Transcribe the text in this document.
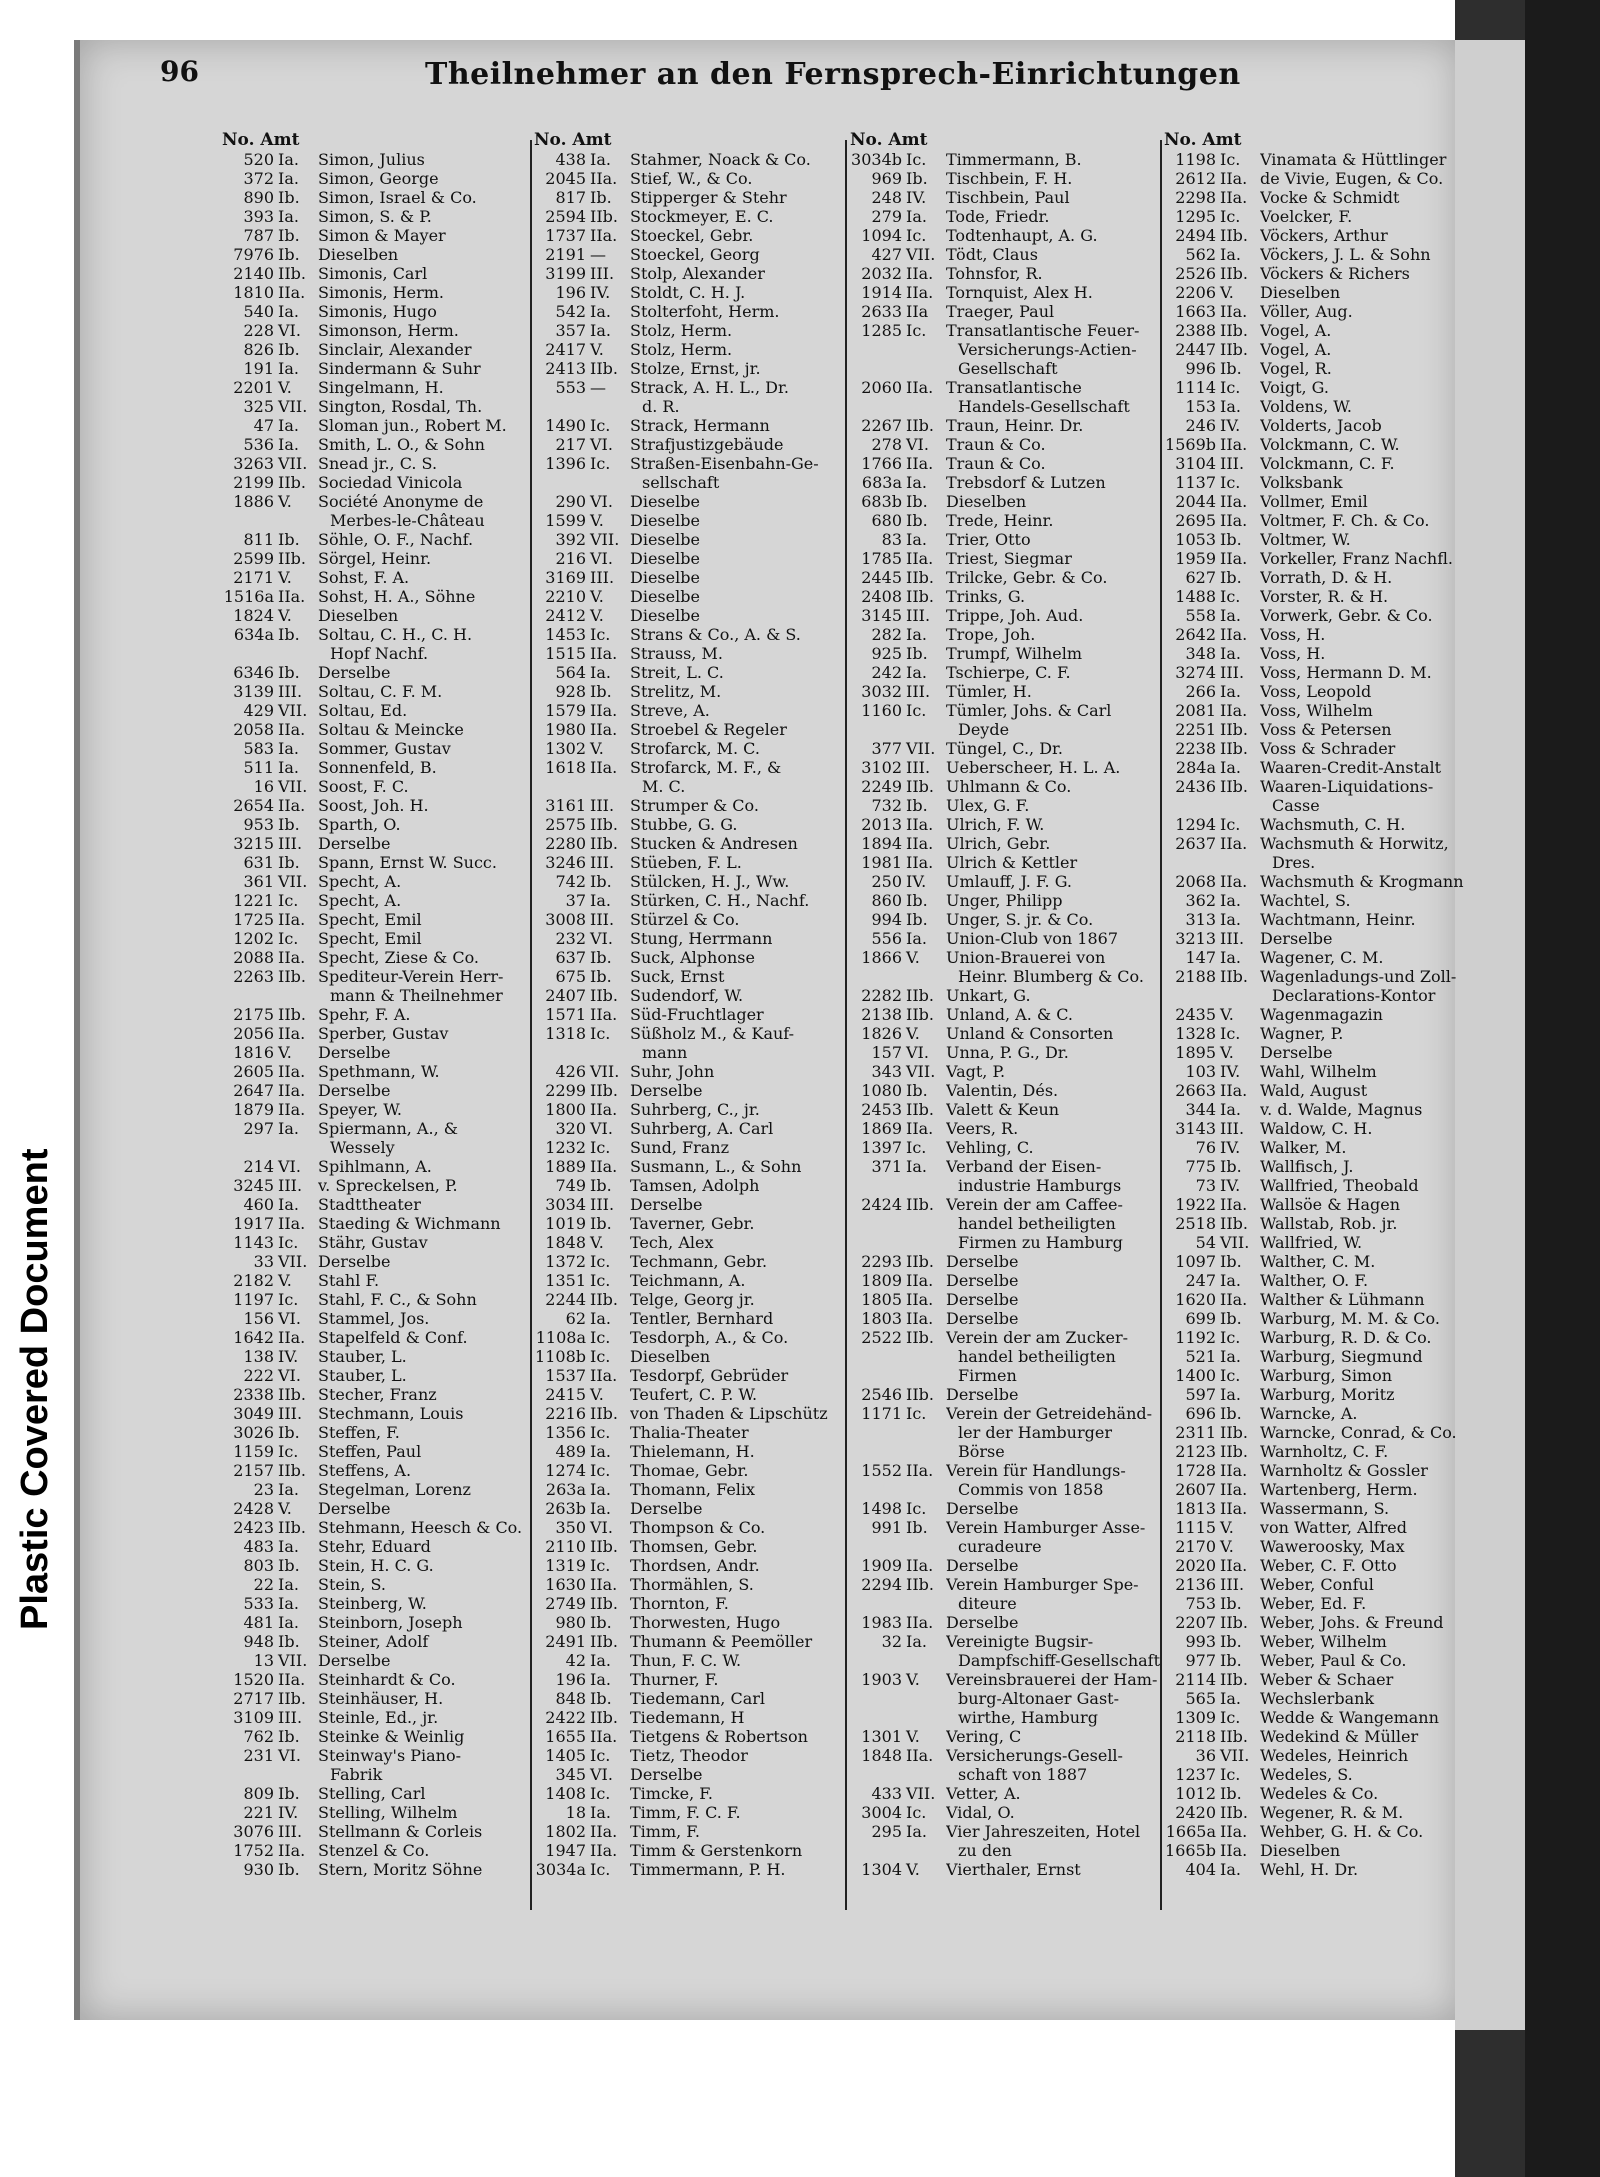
Plastic Covered Document
96	Theilnehmer an den Fernsprech-Einrichtungen
No. Amt
520 Ia.	Simon, Julius
372 Ia.	Simon, George
890 Ib.	Simon, Israel & Co.
393 Ia.	Simon, S. & P.
787 Ib.	Simon & Mayer
7976 Ib.	Dieselben
2140 IIb. Simonis, Carl
1810 IIa. Simonis, Herm.
540 Ia.	Simonis, Hugo
228 VI.	Simonson, Herm.
826 Ib.	Sinclair, Alexander
191 Ia.	Sindermann & Suhr
2201 V.	Singelmann, H.
325 VII. Sington, Rosdal, Th.
47 Ia.	Sloman jun., Robert M.
536 Ia.	Smith, L. O., & Sohn
3263 VII. Snead jr., C. S.
2199 IIb. Sociedad Vinicola
1886 V.	Société Anonyme de
Merbes-le-Château
811 Ib.	Söhle, O. F., Nachf.
2599 IIb. Sörgel, Heinr.
2171 V.	Sohst, F. A.
1516a IIa. Sohst, H. A., Söhne
1824 V.	Dieselben
634a Ib.	Soltau, C. H., C. H.
Hopf Nachf.
6346 Ib.	Derselbe
3139 III. Soltau, C. F. M.
429 VII. Soltau, Ed.
2058 IIa. Soltau & Meincke
583 Ia.	Sommer, Gustav
511 Ia.	Sonnenfeld, B.
16 VII. Soost, F. C.
2654 IIa. Soost, Joh. H.
953 Ib.	Sparth, O.
3215 III. Derselbe
631 Ib.	Spann, Ernst W. Succ.
361 VII. Specht, A.
1221 Ic.	Specht, A.
1725 IIa. Specht, Emil
1202 Ic.	Specht, Emil
2088 IIa. Specht, Ziese & Co.
2263 IIb. Spediteur-Verein Herr-
mann & Theilnehmer
2175 IIb. Spehr, F. A.
2056 IIa. Sperber, Gustav
1816 V.	Derselbe
2605 IIa. Spethmann, W.
2647 IIa. Derselbe
1879 IIa. Speyer, W.
297 Ia.	Spiermann, A., &
Wessely
214 VI.	Spihlmann, A.
3245 III. v. Spreckelsen, P.
460 Ia.	Stadttheater
1917 IIa. Staeding & Wichmann
1143 Ic.	Stähr, Gustav
33 VII. Derselbe
2182 V.	Stahl F.
1197 Ic.	Stahl, F. C., & Sohn
156 VI.	Stammel, Jos.
1642 IIa. Stapelfeld & Conf.
138 IV.	Stauber, L.
222 VI.	Stauber, L.
2338 IIb. Stecher, Franz
3049 III. Stechmann, Louis
3026 Ib.	Steffen, F.
1159 Ic.	Steffen, Paul
2157 IIb. Steffens, A.
23 Ia.	Stegelman, Lorenz
2428 V.	Derselbe
2423 IIb. Stehmann, Heesch & Co.
483 Ia.	Stehr, Eduard
803 Ib.	Stein, H. C. G.
22 Ia.	Stein, S.
533 Ia.	Steinberg, W.
481 Ia.	Steinborn, Joseph
948 Ib.	Steiner, Adolf
13 VII. Derselbe
1520 IIa. Steinhardt & Co.
2717 IIb. Steinhäuser, H.
3109 III. Steinle, Ed., jr.
762 Ib.	Steinke & Weinlig
231 VI.	Steinway's Piano-
Fabrik
809 Ib.	Stelling, Carl
221 IV.	Stelling, Wilhelm
3076 III. Stellmann & Corleis
1752 IIa. Stenzel & Co.
930 Ib.	Stern, Moritz Söhne
No. Amt
438 Ia.	Stahmer, Noack & Co.
2045 IIa. Stief, W., & Co.
817 Ib.	Stipperger & Stehr
2594 IIb. Stockmeyer, E. C.
1737 IIa. Stoeckel, Gebr.
2191 —	Stoeckel, Georg
3199 III. Stolp, Alexander
196 IV.	Stoldt, C. H. J.
542 Ia.	Stolterfoht, Herm.
357 Ia.	Stolz, Herm.
2417 V.	Stolz, Herm.
2413 IIb. Stolze, Ernst, jr.
553 —	Strack, A. H. L., Dr.
d. R.
1490 Ic.	Strack, Hermann
217 VI.	Strafjustizgebäude
1396 Ic.	Straßen-Eisenbahn-Ge-
sellschaft
290 VI.	Dieselbe
1599 V.	Dieselbe
392 VII. Dieselbe
216 VI.	Dieselbe
3169 III. Dieselbe
2210 V.	Dieselbe
2412 V.	Dieselbe
1453 Ic.	Strans & Co., A. & S.
1515 IIa. Strauss, M.
564 Ia.	Streit, L. C.
928 Ib.	Strelitz, M.
1579 IIa. Streve, A.
1980 IIa. Stroebel & Regeler
1302 V.	Strofarck, M. C.
1618 IIa. Strofarck, M. F., &
M. C.
3161 III. Strumper & Co.
2575 IIb. Stubbe, G. G.
2280 IIb. Stucken & Andresen
3246 III. Stüeben, F. L.
742 Ib.	Stülcken, H. J., Ww.
37 Ia.	Stürken, C. H., Nachf.
3008 III. Stürzel & Co.
232 VI.	Stung, Herrmann
637 Ib.	Suck, Alphonse
675 Ib.	Suck, Ernst
2407 IIb. Sudendorf, W.
1571 IIa. Süd-Fruchtlager
1318 Ic.	Süßholz M., & Kauf-
mann
426 VII. Suhr, John
2299 IIb. Derselbe
1800 IIa. Suhrberg, C., jr.
320 VI.	Suhrberg, A. Carl
1232 Ic.	Sund, Franz
1889 IIa. Susmann, L., & Sohn
749 Ib.	Tamsen, Adolph
3034 III. Derselbe
1019 Ib.	Taverner, Gebr.
1848 V.	Tech, Alex
1372 Ic.	Techmann, Gebr.
1351 Ic.	Teichmann, A.
2244 IIb. Telge, Georg jr.
62 Ia.	Tentler, Bernhard
1108a Ic.	Tesdorph, A., & Co.
1108b Ic.	Dieselben
1537 IIa. Tesdorpf, Gebrüder
2415 V.	Teufert, C. P. W.
2216 IIb. von Thaden & Lipschütz
1356 Ic.	Thalia-Theater
489 Ia.	Thielemann, H.
1274 Ic.	Thomae, Gebr.
263a Ia.	Thomann, Felix
263b Ia.	Derselbe
350 VI.	Thompson & Co.
2110 IIb. Thomsen, Gebr.
1319 Ic.	Thordsen, Andr.
1630 IIa. Thormählen, S.
2749 IIb. Thornton, F.
980 Ib.	Thorwesten, Hugo
2491 IIb. Thumann & Peemöller
42 Ia.	Thun, F. C. W.
196 Ia.	Thurner, F.
848 Ib.	Tiedemann, Carl
2422 IIb. Tiedemann, H
1655 IIa. Tietgens & Robertson
1405 Ic.	Tietz, Theodor
345 VI.	Derselbe
1408 Ic.	Timcke, F.
18 Ia.	Timm, F. C. F.
1802 IIa. Timm, F.
1947 IIa. Timm & Gerstenkorn
3034a Ic.	Timmermann, P. H.
No. Amt
3034b Ic.	Timmermann, B.
969 Ib.	Tischbein, F. H.
248 IV.	Tischbein, Paul
279 Ia.	Tode, Friedr.
1094 Ic.	Todtenhaupt, A. G.
427 VII. Tödt, Claus
2032 IIa. Tohnsfor, R.
1914 IIa. Tornquist, Alex H.
2633 IIa	Traeger, Paul
1285 Ic.	Transatlantische Feuer-
Versicherungs-Actien-
Gesellschaft
2060 IIa. Transatlantische
Handels-Gesellschaft
2267 IIb. Traun, Heinr. Dr.
278 VI.	Traun & Co.
1766 IIa. Traun & Co.
683a Ia.	Trebsdorf & Lutzen
683b Ib.	Dieselben
680 Ib.	Trede, Heinr.
83 Ia.	Trier, Otto
1785 IIa. Triest, Siegmar
2445 IIb. Trilcke, Gebr. & Co.
2408 IIb. Trinks, G.
3145 III. Trippe, Joh. Aud.
282 Ia.	Trope, Joh.
925 Ib.	Trumpf, Wilhelm
242 Ia.	Tschierpe, C. F.
3032 III. Tümler, H.
1160 Ic.	Tümler, Johs. & Carl
Deyde
377 VII. Tüngel, C., Dr.
3102 III. Ueberscheer, H. L. A.
2249 IIb. Uhlmann & Co.
732 Ib.	Ulex, G. F.
2013 IIa. Ulrich, F. W.
1894 IIa. Ulrich, Gebr.
1981 IIa. Ulrich & Kettler
250 IV.	Umlauff, J. F. G.
860 Ib.	Unger, Philipp
994 Ib.	Unger, S. jr. & Co.
556 Ia.	Union-Club von 1867
1866 V.	Union-Brauerei von
Heinr. Blumberg & Co.
2282 IIb. Unkart, G.
2138 IIb. Unland, A. & C.
1826 V.	Unland & Consorten
157 VI.	Unna, P. G., Dr.
343 VII. Vagt, P.
1080 Ib.	Valentin, Dés.
2453 IIb. Valett & Keun
1869 IIa. Veers, R.
1397 Ic.	Vehling, C.
371 Ia.	Verband der Eisen-
industrie Hamburgs
2424 IIb. Verein der am Caffee-
handel betheiligten
Firmen zu Hamburg
2293 IIb. Derselbe
1809 IIa. Derselbe
1805 IIa. Derselbe
1803 IIa. Derselbe
2522 IIb. Verein der am Zucker-
handel betheiligten
Firmen
2546 IIb. Derselbe
1171 Ic.	Verein der Getreidehänd-
ler der Hamburger
Börse
1552 IIa. Verein für Handlungs-
Commis von 1858
1498 Ic.	Derselbe
991 Ib.	Verein Hamburger Asse-
curadeure
1909 IIa. Derselbe
2294 IIb. Verein Hamburger Spe-
diteure
1983 IIa. Derselbe
32 Ia.	Vereinigte Bugsir-
Dampfschiff-Gesellschaft
1903 V.	Vereinsbrauerei der Ham-
burg-Altonaer Gast-
wirthe, Hamburg
1301 V.	Vering, C
1848 IIa. Versicherungs-Gesell-
schaft von 1887
433 VII. Vetter, A.
3004 Ic.	Vidal, O.
295 Ia.	Vier Jahreszeiten, Hotel
zu den
1304 V.	Vierthaler, Ernst
No. Amt
1198 Ic.	Vinamata & Hüttlinger
2612 IIa. de Vivie, Eugen, & Co.
2298 IIa. Vocke & Schmidt
1295 Ic.	Voelcker, F.
2494 IIb. Vöckers, Arthur
562 Ia.	Vöckers, J. L. & Sohn
2526 IIb. Vöckers & Richers
2206 V.	Dieselben
1663 IIa. Völler, Aug.
2388 IIb. Vogel, A.
2447 IIb. Vogel, A.
996 Ib.	Vogel, R.
1114 Ic.	Voigt, G.
153 Ia.	Voldens, W.
246 IV.	Volderts, Jacob
1569b IIa. Volckmann, C. W.
3104 III. Volckmann, C. F.
1137 Ic.	Volksbank
2044 IIa. Vollmer, Emil
2695 IIa. Voltmer, F. Ch. & Co.
1053 Ib.	Voltmer, W.
1959 IIa. Vorkeller, Franz Nachfl.
627 Ib.	Vorrath, D. & H.
1488 Ic.	Vorster, R. & H.
558 Ia.	Vorwerk, Gebr. & Co.
2642 IIa. Voss, H.
348 Ia.	Voss, H.
3274 III. Voss, Hermann D. M.
266 Ia.	Voss, Leopold
2081 IIa. Voss, Wilhelm
2251 IIb. Voss & Petersen
2238 IIb. Voss & Schrader
284a Ia.	Waaren-Credit-Anstalt
2436 IIb. Waaren-Liquidations-
Casse
1294 Ic.	Wachsmuth, C. H.
2637 IIa. Wachsmuth & Horwitz,
Dres.
2068 IIa. Wachsmuth & Krogmann
362 Ia.	Wachtel, S.
313 Ia.	Wachtmann, Heinr.
3213 III. Derselbe
147 Ia.	Wagener, C. M.
2188 IIb. Wagenladungs-und Zoll-
Declarations-Kontor
2435 V.	Wagenmagazin
1328 Ic.	Wagner, P.
1895 V.	Derselbe
103 IV.	Wahl, Wilhelm
2663 IIa. Wald, August
344 Ia.	v. d. Walde, Magnus
3143 III. Waldow, C. H.
76 IV.	Walker, M.
775 Ib.	Wallfisch, J.
73 IV.	Wallfried, Theobald
1922 IIa. Wallsöe & Hagen
2518 IIb. Wallstab, Rob. jr.
54 VII. Wallfried, W.
1097 Ib.	Walther, C. M.
247 Ia.	Walther, O. F.
1620 IIa. Walther & Lühmann
699 Ib.	Warburg, M. M. & Co.
1192 Ic.	Warburg, R. D. & Co.
521 Ia.	Warburg, Siegmund
1400 Ic.	Warburg, Simon
597 Ia.	Warburg, Moritz
696 Ib.	Warncke, A.
2311 IIb. Warncke, Conrad, & Co.
2123 IIb. Warnholtz, C. F.
1728 IIa. Warnholtz & Gossler
2607 IIa. Wartenberg, Herm.
1813 IIa. Wassermann, S.
1115 V.	von Watter, Alfred
2170 V.	Waweroosky, Max
2020 IIa. Weber, C. F. Otto
2136 III. Weber, Conful
753 Ib.	Weber, Ed. F.
2207 IIb. Weber, Johs. & Freund
993 Ib.	Weber, Wilhelm
977 Ib.	Weber, Paul & Co.
2114 IIb. Weber & Schaer
565 Ia.	Wechslerbank
1309 Ic.	Wedde & Wangemann
2118 IIb. Wedekind & Müller
36 VII. Wedeles, Heinrich
1237 Ic.	Wedeles, S.
1012 Ib.	Wedeles & Co.
2420 IIb. Wegener, R. & M.
1665a IIa. Wehber, G. H. & Co.
1665b IIa. Dieselben
404 Ia.	Wehl, H. Dr.
